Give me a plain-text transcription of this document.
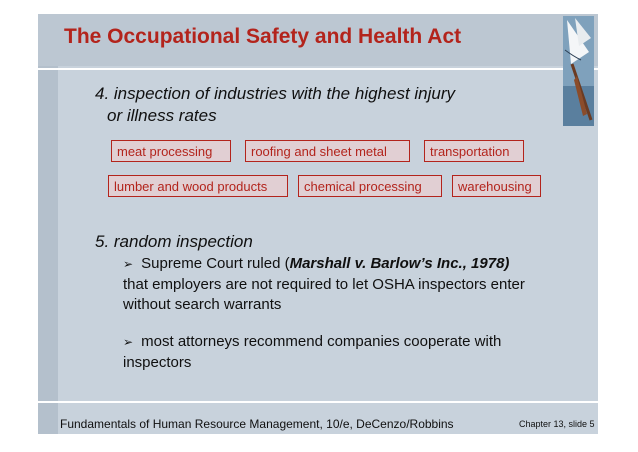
The Occupational Safety and Health Act
4. inspection of industries with the highest injury
or illness rates
meat processing	roofing and sheet metal	transportation
lumber and wood products	chemical processing	warehousing
5. random inspection
➢ Supreme Court ruled (Marshall v. Barlow’s Inc., 1978)
that employers are not required to let OSHA inspectors enter
without search warrants
➢ most attorneys recommend companies cooperate with
inspectors
Fundamentals of Human Resource Management, 10/e, DeCenzo/Robbins	Chapter 13, slide 5
